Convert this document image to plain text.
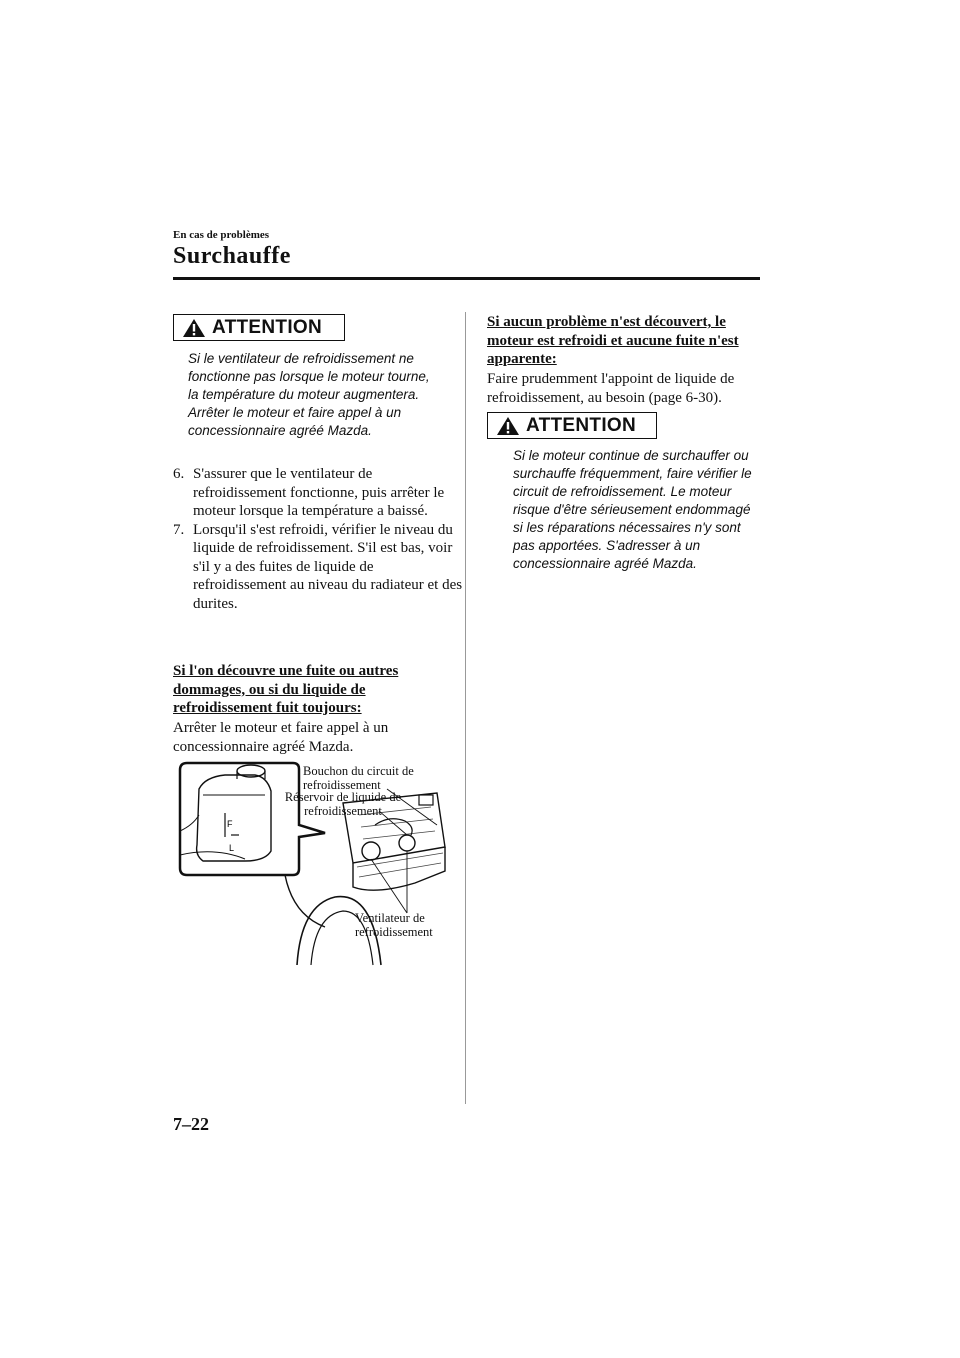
En cas de problèmes
Surchauffe
ATTENTION
Si le ventilateur de refroidissement ne fonctionne pas lorsque le moteur tourne, la température du moteur augmentera. Arrêter le moteur et faire appel à un concessionnaire agréé Mazda.
6. S'assurer que le ventilateur de refroidissement fonctionne, puis arrêter le moteur lorsque la température a baissé.
7. Lorsqu'il s'est refroidi, vérifier le niveau du liquide de refroidissement. S'il est bas, voir s'il y a des fuites de liquide de refroidissement au niveau du radiateur et des durites.
Si l'on découvre une fuite ou autres dommages, ou si du liquide de refroidissement fuit toujours:
Arrêter le moteur et faire appel à un concessionnaire agréé Mazda.
F
L
Bouchon du circuit de refroidissement
Réservoir de liquide de refroidissement
Ventilateur de refroidissement
Si aucun problème n'est découvert, le moteur est refroidi et aucune fuite n'est apparente:
Faire prudemment l'appoint de liquide de refroidissement, au besoin (page 6-30).
ATTENTION
Si le moteur continue de surchauffer ou surchauffe fréquemment, faire vérifier le circuit de refroidissement. Le moteur risque d'être sérieusement endommagé si les réparations nécessaires n'y sont pas apportées. S'adresser à un concessionnaire agréé Mazda.
7–22
